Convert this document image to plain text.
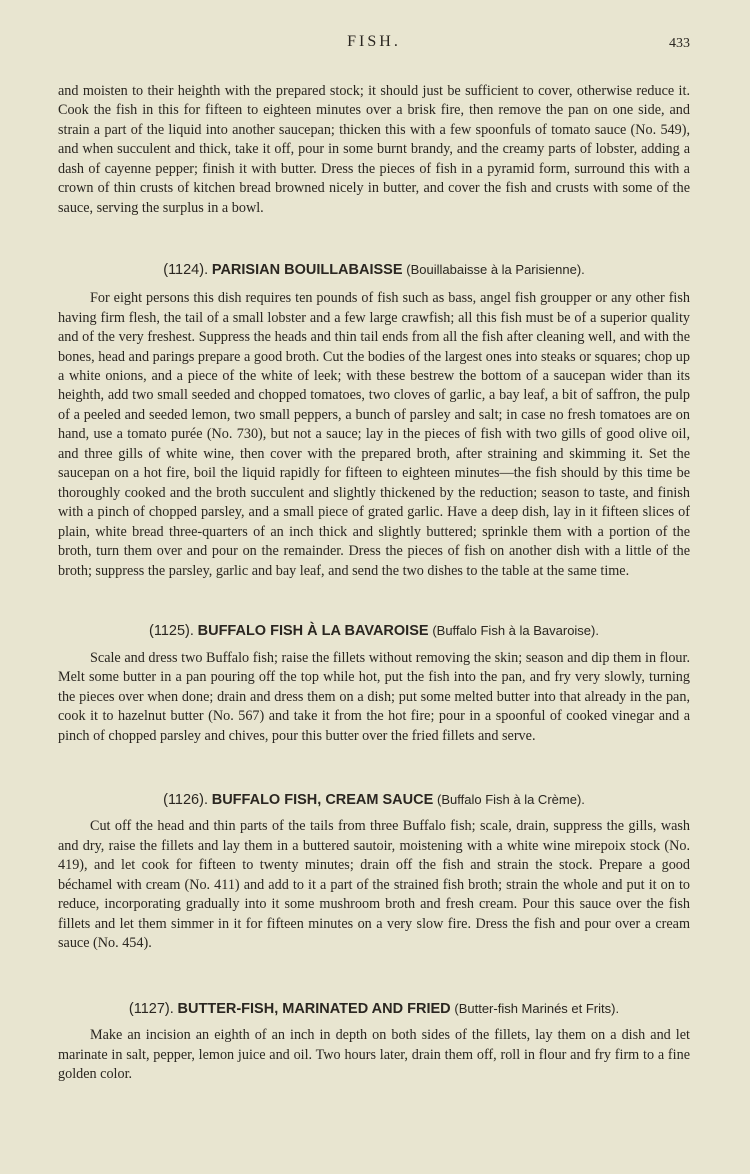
FISH.	433

and moisten to their heighth with the prepared stock; it should just be sufficient to cover, otherwise reduce it. Cook the fish in this for fifteen to eighteen minutes over a brisk fire, then remove the pan on one side, and strain a part of the liquid into another saucepan; thicken this with a few spoonfuls of tomato sauce (No. 549), and when succulent and thick, take it off, pour in some burnt brandy, and the creamy parts of lobster, adding a dash of cayenne pepper; finish it with butter. Dress the pieces of fish in a pyramid form, surround this with a crown of thin crusts of kitchen bread browned nicely in butter, and cover the fish and crusts with some of the sauce, serving the surplus in a bowl.

(1124). PARISIAN BOUILLABAISSE (Bouillabaisse à la Parisienne).

For eight persons this dish requires ten pounds of fish such as bass, angel fish groupper or any other fish having firm flesh, the tail of a small lobster and a few large crawfish; all this fish must be of a superior quality and of the very freshest. Suppress the heads and thin tail ends from all the fish after cleaning well, and with the bones, head and parings prepare a good broth. Cut the bodies of the largest ones into steaks or squares; chop up a white onions, and a piece of the white of leek; with these bestrew the bottom of a saucepan wider than its heighth, add two small seeded and chopped tomatoes, two cloves of garlic, a bay leaf, a bit of saffron, the pulp of a peeled and seeded lemon, two small peppers, a bunch of parsley and salt; in case no fresh tomatoes are on hand, use a tomato purée (No. 730), but not a sauce; lay in the pieces of fish with two gills of good olive oil, and three gills of white wine, then cover with the prepared broth, after straining and skimming it. Set the saucepan on a hot fire, boil the liquid rapidly for fifteen to eighteen minutes—the fish should by this time be thoroughly cooked and the broth succulent and slightly thickened by the reduction; season to taste, and finish with a pinch of chopped parsley, and a small piece of grated garlic. Have a deep dish, lay in it fifteen slices of plain, white bread three-quarters of an inch thick and slightly buttered; sprinkle them with a portion of the broth, turn them over and pour on the remainder. Dress the pieces of fish on another dish with a little of the broth; suppress the parsley, garlic and bay leaf, and send the two dishes to the table at the same time.

(1125). BUFFALO FISH À LA BAVAROISE (Buffalo Fish à la Bavaroise).

Scale and dress two Buffalo fish; raise the fillets without removing the skin; season and dip them in flour. Melt some butter in a pan pouring off the top while hot, put the fish into the pan, and fry very slowly, turning the pieces over when done; drain and dress them on a dish; put some melted butter into that already in the pan, cook it to hazelnut butter (No. 567) and take it from the hot fire; pour in a spoonful of cooked vinegar and a pinch of chopped parsley and chives, pour this butter over the fried fillets and serve.

(1126). BUFFALO FISH, CREAM SAUCE (Buffalo Fish à la Crème).

Cut off the head and thin parts of the tails from three Buffalo fish; scale, drain, suppress the gills, wash and dry, raise the fillets and lay them in a buttered sautoir, moistening with a white wine mirepoix stock (No. 419), and let cook for fifteen to twenty minutes; drain off the fish and strain the stock. Prepare a good béchamel with cream (No. 411) and add to it a part of the strained fish broth; strain the whole and put it on to reduce, incorporating gradually into it some mushroom broth and fresh cream. Pour this sauce over the fish fillets and let them simmer in it for fifteen minutes on a very slow fire. Dress the fish and pour over a cream sauce (No. 454).

(1127). BUTTER-FISH, MARINATED AND FRIED (Butter-fish Marinés et Frits).

Make an incision an eighth of an inch in depth on both sides of the fillets, lay them on a dish and let marinate in salt, pepper, lemon juice and oil. Two hours later, drain them off, roll in flour and fry firm to a fine golden color.
